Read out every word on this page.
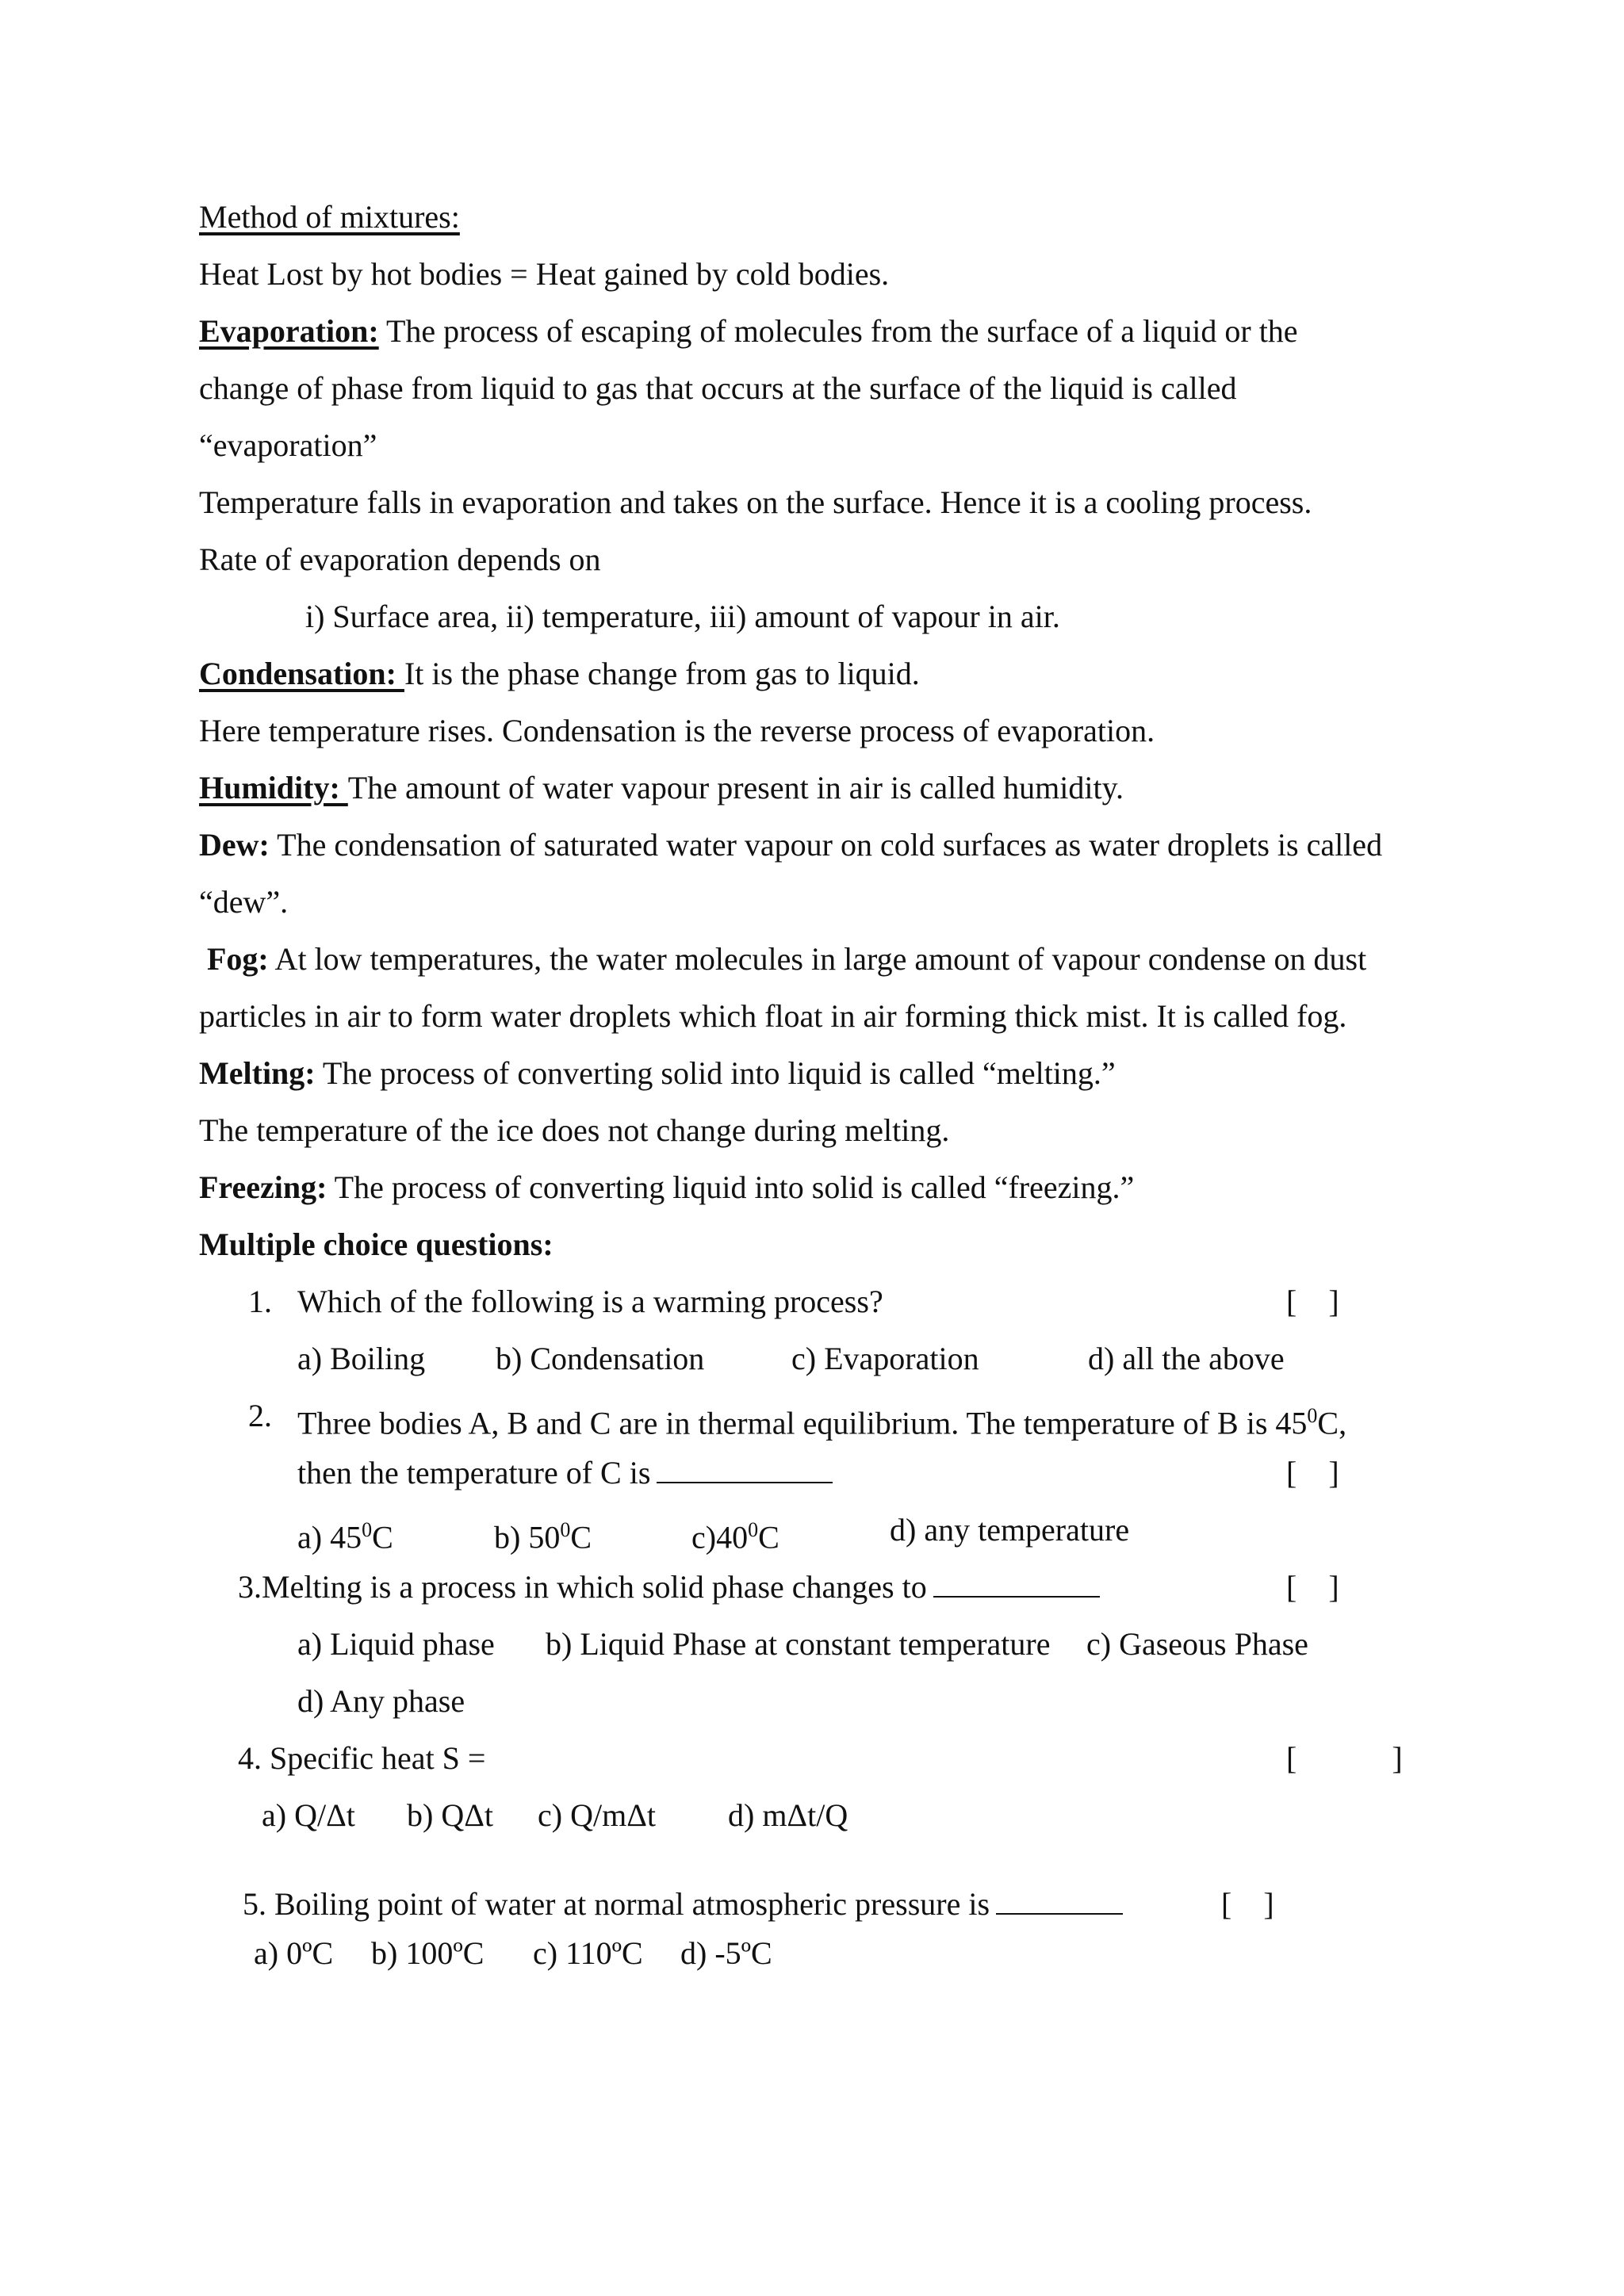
Method of mixtures:
Heat Lost by hot bodies = Heat gained by cold bodies.
Evaporation: The process of escaping of molecules from the surface of a liquid or the
change of phase from liquid to gas that occurs at the surface of the liquid is called
“evaporation”
Temperature falls in evaporation and takes on the surface. Hence it is a cooling process.
Rate of evaporation depends on
i) Surface area, ii) temperature, iii) amount of vapour in air.
Condensation: It is the phase change from gas to liquid.
Here temperature rises. Condensation is the reverse process of evaporation.
Humidity: The amount of water vapour present in air is called humidity.
Dew: The condensation of saturated water vapour on cold surfaces as water droplets is called
“dew”.
Fog: At low temperatures, the water molecules in large amount of vapour condense on dust
particles in air to form water droplets which float in air forming thick mist. It is called fog.
Melting: The process of converting solid into liquid is called “melting.”
The temperature of the ice does not change during melting.
Freezing: The process of converting liquid into solid is called “freezing.”
Multiple choice questions:
1. Which of the following is a warming process?	[    ]
a) Boiling b) Condensation	c) Evaporation	d) all the above
2. Three bodies A, B and C are in thermal equilibrium. The temperature of B is $45^0C$,
then the temperature of C is	[    ]
a) $45^0C$	b) $50^0C$	$c)40^0C$	d) any temperature
3.Melting is a process in which solid phase changes to	[    ]
a) Liquid phase b) Liquid Phase at constant temperature c) Gaseous Phase
d) Any phase
4. Specific heat S =	[            ]
a) Q/Δt b) QΔt c) Q/mΔt d) mΔt/Q
5. Boiling point of water at normal atmospheric pressure is	[    ]
a) 0ºC b) 100ºC c) 110ºC d) -5ºC
